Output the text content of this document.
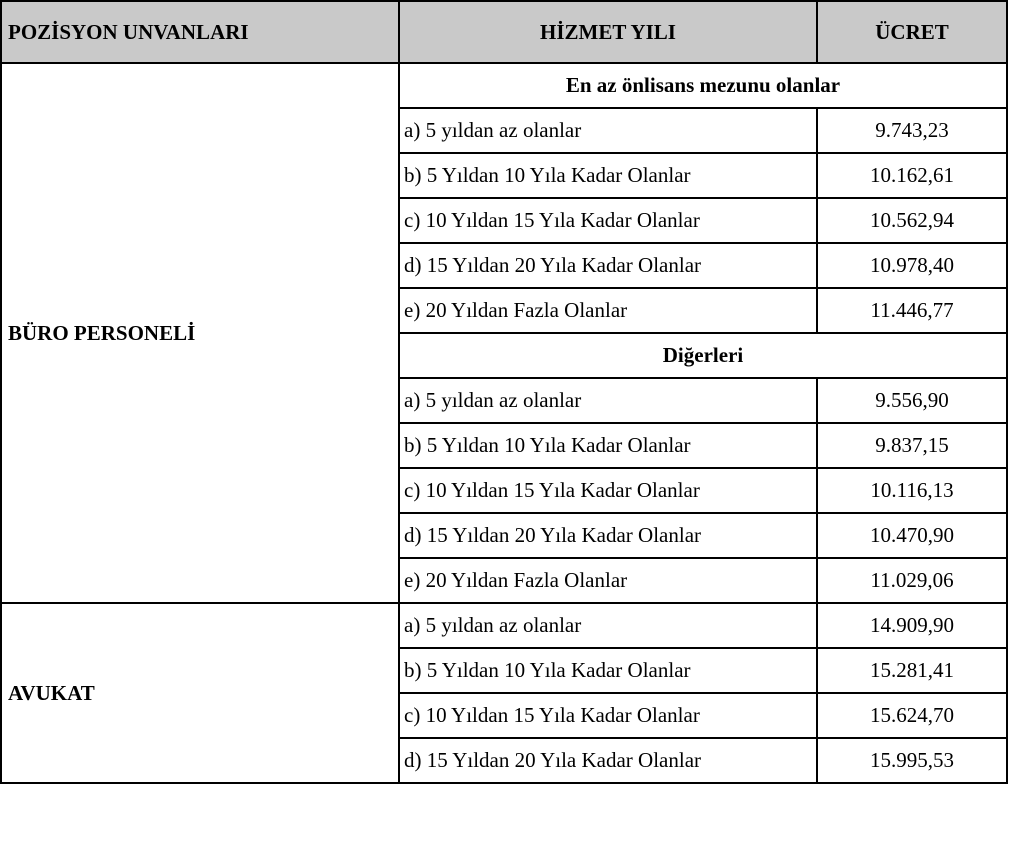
POZİSYON UNVANLARI	HİZMET YILI	ÜCRET
BÜRO PERSONELİ	En az önlisans mezunu olanlar	
	a) 5 yıldan az olanlar	9.743,23
	b) 5 Yıldan 10 Yıla Kadar Olanlar	10.162,61
	c) 10 Yıldan 15 Yıla Kadar Olanlar	10.562,94
	d) 15 Yıldan 20 Yıla Kadar Olanlar	10.978,40
	e) 20 Yıldan Fazla Olanlar	11.446,77
	Diğerleri	
	a) 5 yıldan az olanlar	9.556,90
	b) 5 Yıldan 10 Yıla Kadar Olanlar	9.837,15
	c) 10 Yıldan 15 Yıla Kadar Olanlar	10.116,13
	d) 15 Yıldan 20 Yıla Kadar Olanlar	10.470,90
	e) 20 Yıldan Fazla Olanlar	11.029,06
AVUKAT	a) 5 yıldan az olanlar	14.909,90
	b) 5 Yıldan 10 Yıla Kadar Olanlar	15.281,41
	c) 10 Yıldan 15 Yıla Kadar Olanlar	15.624,70
	d) 15 Yıldan 20 Yıla Kadar Olanlar	15.995,53
